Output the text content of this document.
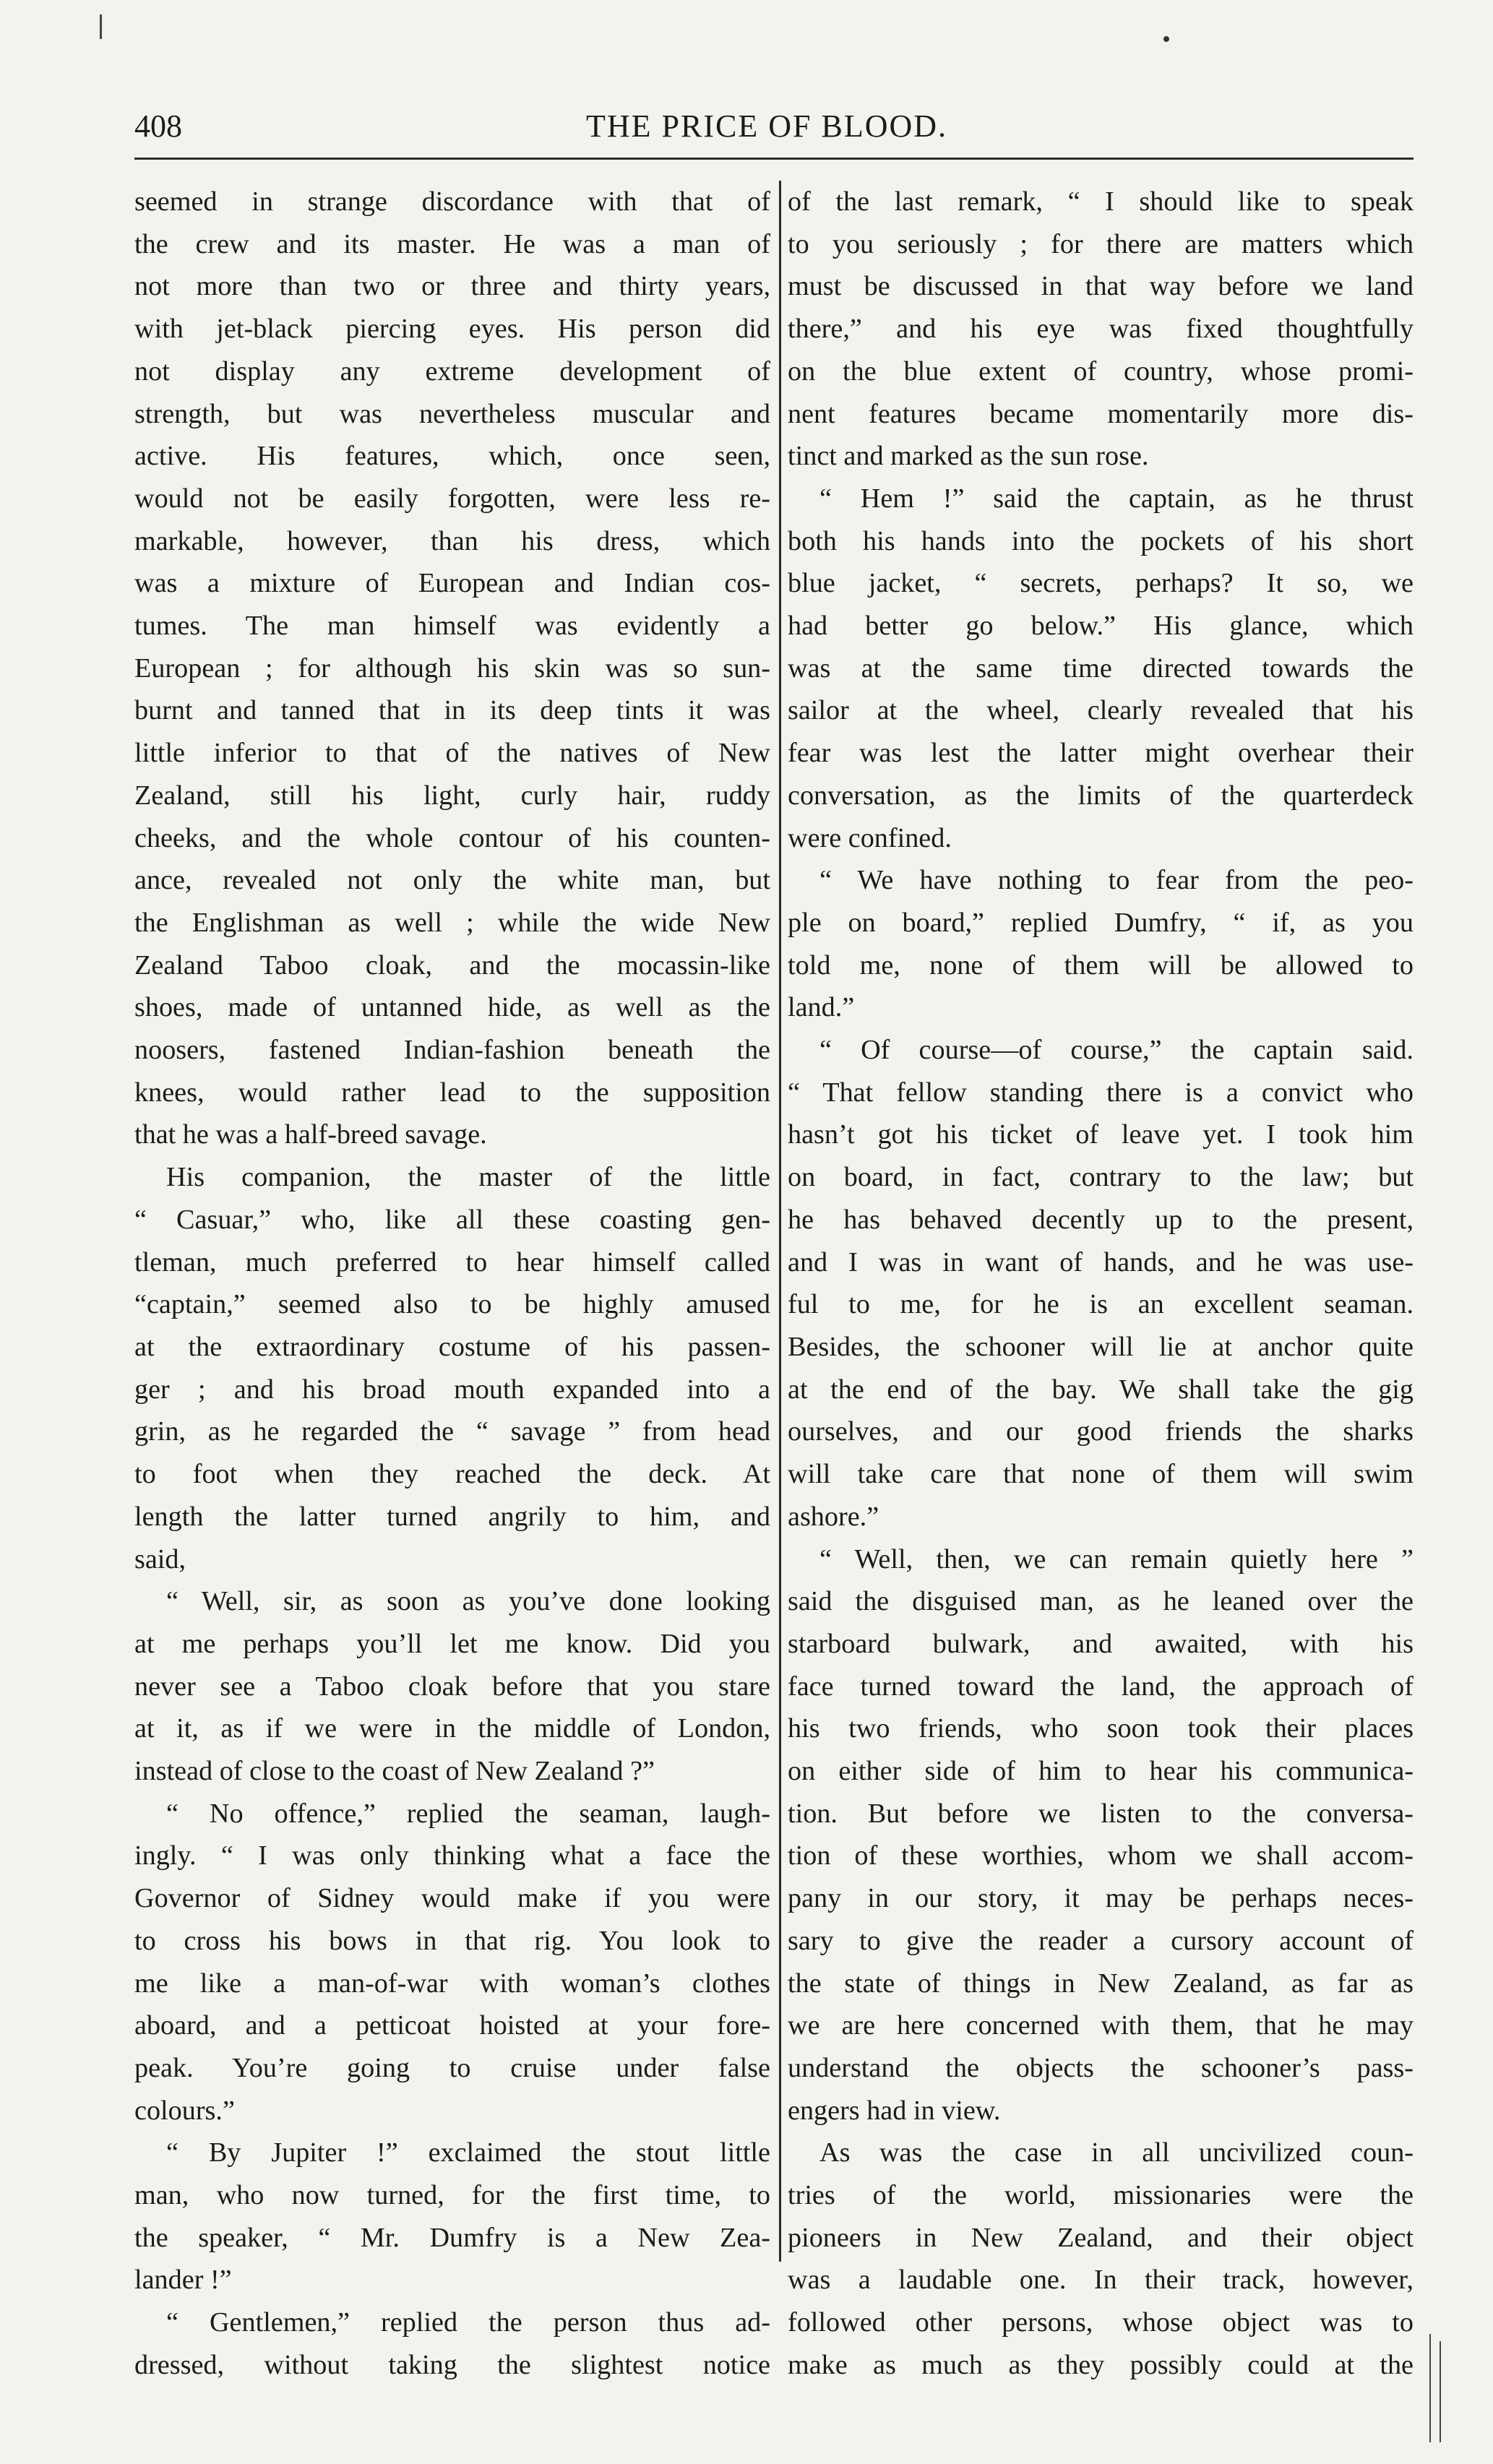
408	THE PRICE OF BLOOD.
seemed in strange discordance with that of
the crew and its master. He was a man of
not more than two or three and thirty years,
with jet-black piercing eyes. His person did
not display any extreme development of
strength, but was nevertheless muscular and
active. His features, which, once seen,
would not be easily forgotten, were less re-
markable, however, than his dress, which
was a mixture of European and Indian cos-
tumes. The man himself was evidently a
European ; for although his skin was so sun-
burnt and tanned that in its deep tints it was
little inferior to that of the natives of New
Zealand, still his light, curly hair, ruddy
cheeks, and the whole contour of his counten-
ance, revealed not only the white man, but
the Englishman as well ; while the wide New
Zealand Taboo cloak, and the mocassin-like
shoes, made of untanned hide, as well as the
noosers, fastened Indian-fashion beneath the
knees, would rather lead to the supposition
that he was a half-breed savage.
His companion, the master of the little
“ Casuar,” who, like all these coasting gen-
tleman, much preferred to hear himself called
“captain,” seemed also to be highly amused
at the extraordinary costume of his passen-
ger ; and his broad mouth expanded into a
grin, as he regarded the “ savage ” from head
to foot when they reached the deck. At
length the latter turned angrily to him, and
said,
“ Well, sir, as soon as you’ve done looking
at me perhaps you’ll let me know. Did you
never see a Taboo cloak before that you stare
at it, as if we were in the middle of London,
instead of close to the coast of New Zealand ?”
“ No offence,” replied the seaman, laugh-
ingly. “ I was only thinking what a face the
Governor of Sidney would make if you were
to cross his bows in that rig. You look to
me like a man-of-war with woman’s clothes
aboard, and a petticoat hoisted at your fore-
peak. You’re going to cruise under false
colours.”
“ By Jupiter !” exclaimed the stout little
man, who now turned, for the first time, to
the speaker, “ Mr. Dumfry is a New Zea-
lander !”
“ Gentlemen,” replied the person thus ad-
dressed, without taking the slightest notice
of the last remark, “ I should like to speak
to you seriously ; for there are matters which
must be discussed in that way before we land
there,” and his eye was fixed thoughtfully
on the blue extent of country, whose promi-
nent features became momentarily more dis-
tinct and marked as the sun rose.
“ Hem !” said the captain, as he thrust
both his hands into the pockets of his short
blue jacket, “ secrets, perhaps? It so, we
had better go below.” His glance, which
was at the same time directed towards the
sailor at the wheel, clearly revealed that his
fear was lest the latter might overhear their
conversation, as the limits of the quarterdeck
were confined.
“ We have nothing to fear from the peo-
ple on board,” replied Dumfry, “ if, as you
told me, none of them will be allowed to
land.”
“ Of course—of course,” the captain said.
“ That fellow standing there is a convict who
hasn’t got his ticket of leave yet. I took him
on board, in fact, contrary to the law; but
he has behaved decently up to the present,
and I was in want of hands, and he was use-
ful to me, for he is an excellent seaman.
Besides, the schooner will lie at anchor quite
at the end of the bay. We shall take the gig
ourselves, and our good friends the sharks
will take care that none of them will swim
ashore.”
“ Well, then, we can remain quietly here ”
said the disguised man, as he leaned over the
starboard bulwark, and awaited, with his
face turned toward the land, the approach of
his two friends, who soon took their places
on either side of him to hear his communica-
tion. But before we listen to the conversa-
tion of these worthies, whom we shall accom-
pany in our story, it may be perhaps neces-
sary to give the reader a cursory account of
the state of things in New Zealand, as far as
we are here concerned with them, that he may
understand the objects the schooner’s pass-
engers had in view.
As was the case in all uncivilized coun-
tries of the world, missionaries were the
pioneers in New Zealand, and their object
was a laudable one. In their track, however,
followed other persons, whose object was to
make as much as they possibly could at the
